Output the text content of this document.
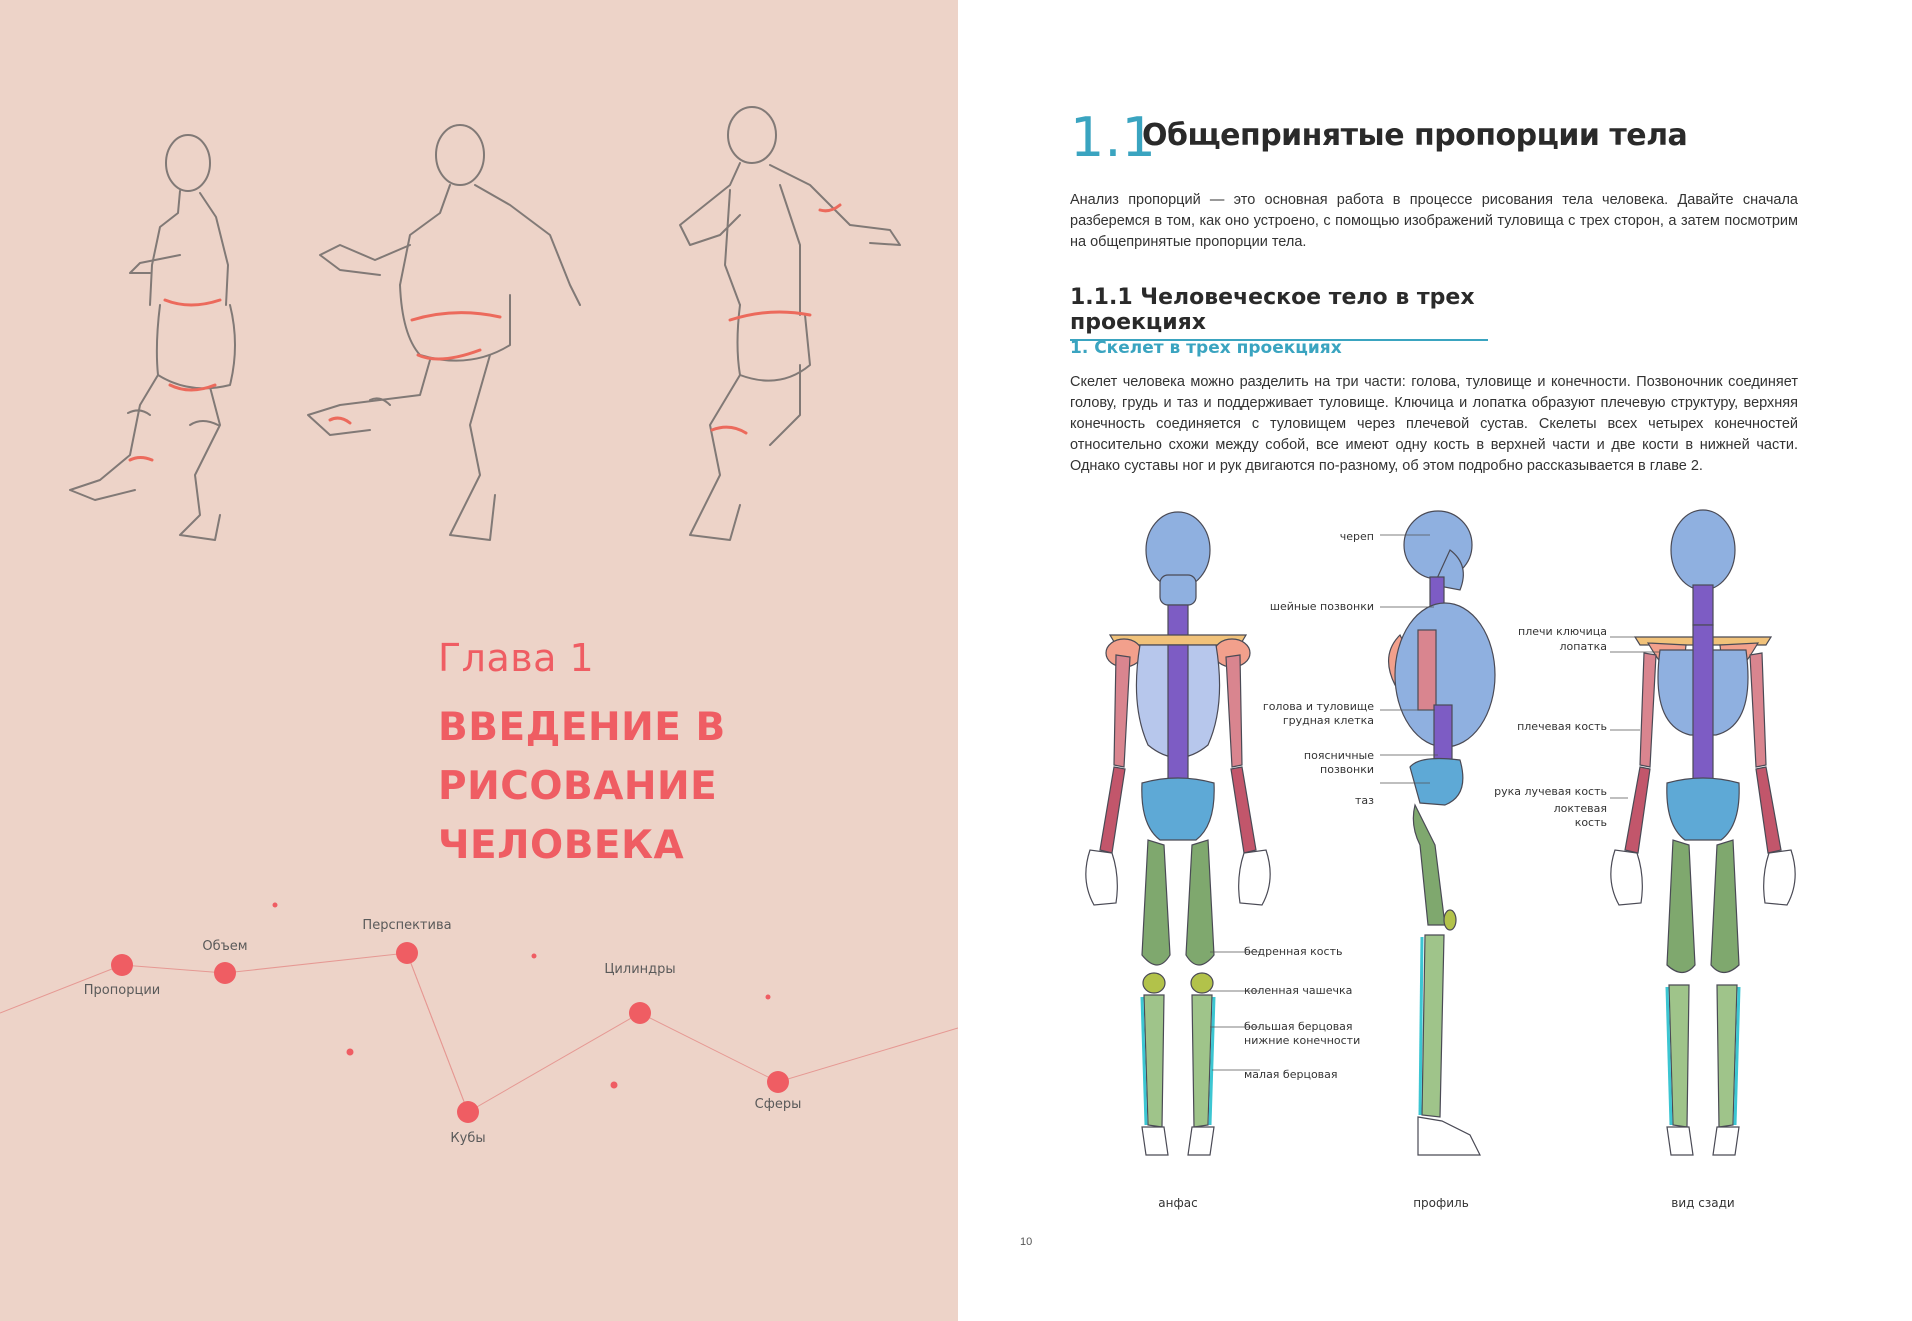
Глава 1
ВВЕДЕНИЕ В РИСОВАНИЕ ЧЕЛОВЕКА
Пропорции
Объем
Перспектива
Цилиндры
Кубы
Сферы
1.1
Общепринятые пропорции тела
Анализ пропорций — это основная работа в процессе рисования тела человека. Давайте сначала разберемся в том, как оно устроено, с помощью изображений туловища с трех сторон, а затем посмотрим на общепринятые пропорции тела.
1.1.1 Человеческое тело в трех проекциях
1. Скелет в трех проекциях
Скелет человека можно разделить на три части: голова, туловище и конечности. Позвоночник соединяет голову, грудь и таз и поддерживает туловище. Ключица и лопатка образуют плечевую структуру, верхняя конечность соединяется с туловищем через плечевой сустав. Скелеты всех четырех конечностей относительно схожи между собой, все имеют одну кость в верхней части и две кости в нижней части. Однако суставы ног и рук двигаются по-разному, об этом подробно рассказывается в главе 2.
череп
шейные позвонки
голова и туловище
грудная клетка
поясничные
позвонки
таз
плечи ключица
лопатка
плечевая кость
рука лучевая кость
локтевая
кость
бедренная кость
коленная чашечка
большая берцовая
нижние конечности
малая берцовая
анфас	профиль	вид сзади
10
